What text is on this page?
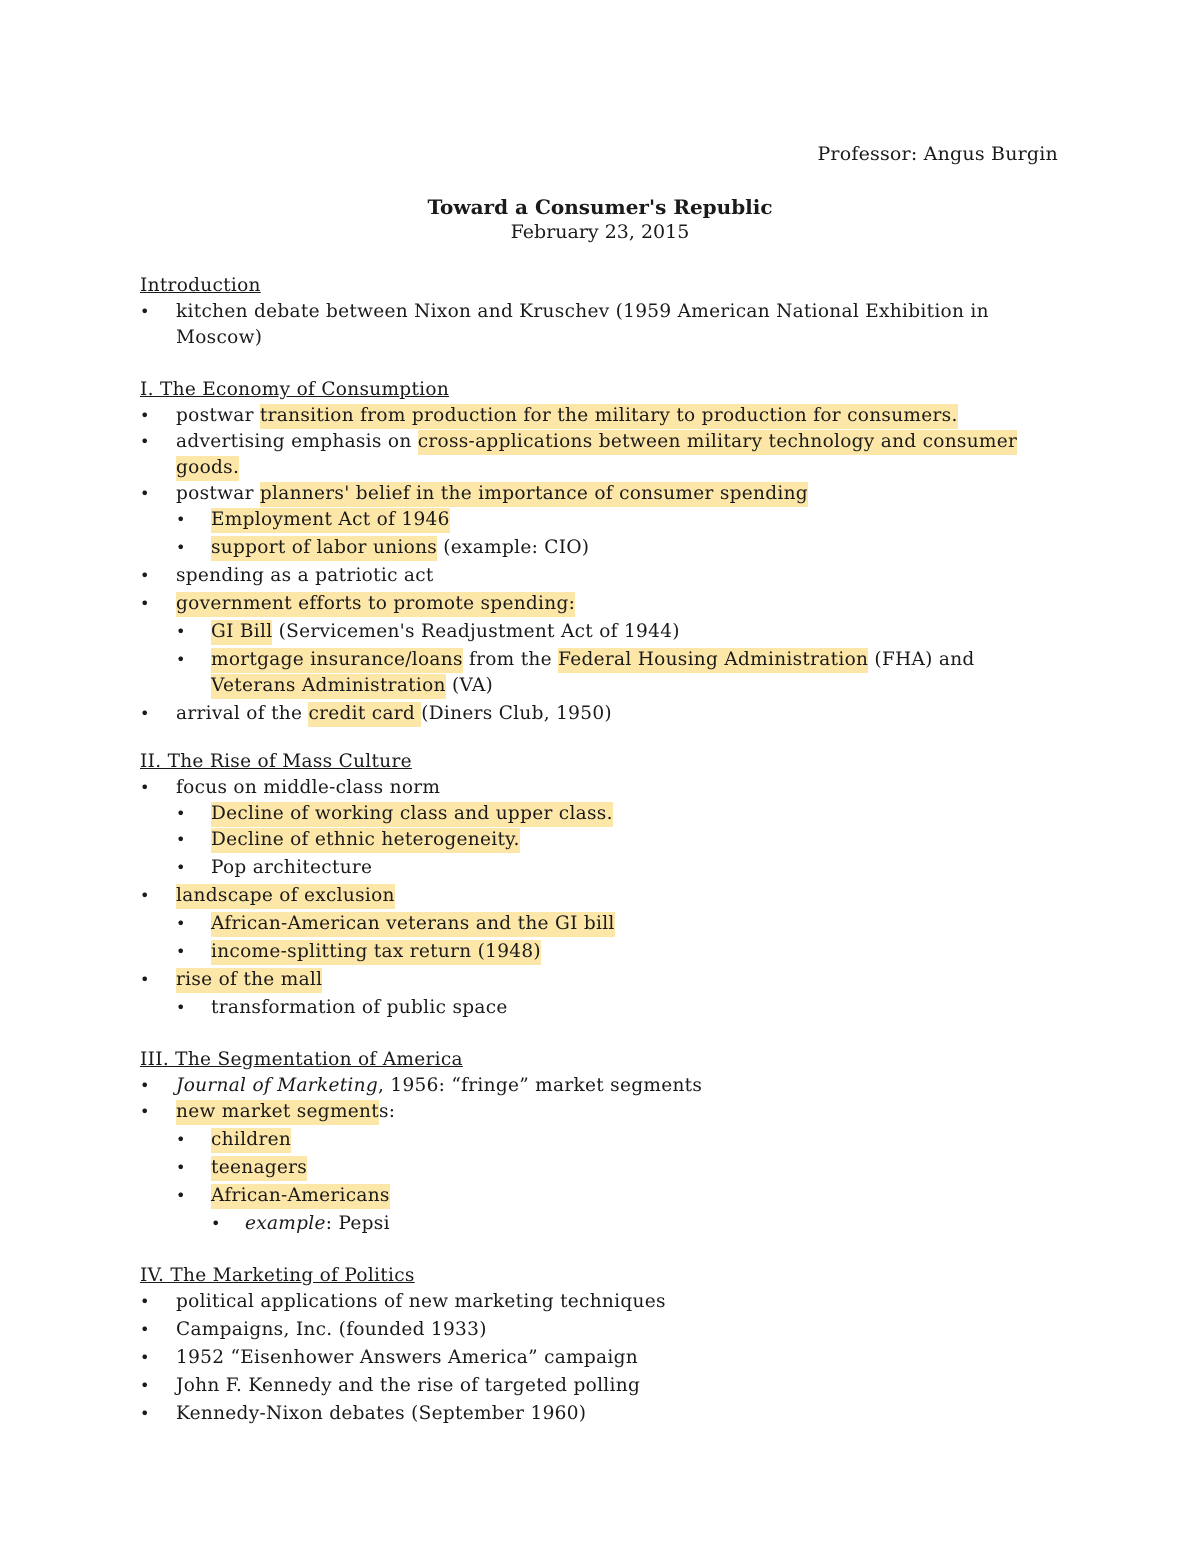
Professor: Angus Burgin
Toward a Consumer's Republic
February 23, 2015
Introduction
• kitchen debate between Nixon and Kruschev (1959 American National Exhibition in Moscow)
I. The Economy of Consumption
• postwar transition from production for the military to production for consumers.
• advertising emphasis on cross-applications between military technology and consumer goods.
• postwar planners' belief in the importance of consumer spending
• Employment Act of 1946
• support of labor unions (example: CIO)
• spending as a patriotic act
• government efforts to promote spending:
• GI Bill (Servicemen's Readjustment Act of 1944)
• mortgage insurance/loans from the Federal Housing Administration (FHA) and Veterans Administration (VA)
• arrival of the credit card (Diners Club, 1950)
II. The Rise of Mass Culture
• focus on middle-class norm
• Decline of working class and upper class.
• Decline of ethnic heterogeneity.
• Pop architecture
• landscape of exclusion
• African-American veterans and the GI bill
• income-splitting tax return (1948)
• rise of the mall
• transformation of public space
III. The Segmentation of America
• Journal of Marketing, 1956: “fringe” market segments
• new market segments:
• children
• teenagers
• African-Americans
• example: Pepsi
IV. The Marketing of Politics
• political applications of new marketing techniques
• Campaigns, Inc. (founded 1933)
• 1952 “Eisenhower Answers America” campaign
• John F. Kennedy and the rise of targeted polling
• Kennedy-Nixon debates (September 1960)
